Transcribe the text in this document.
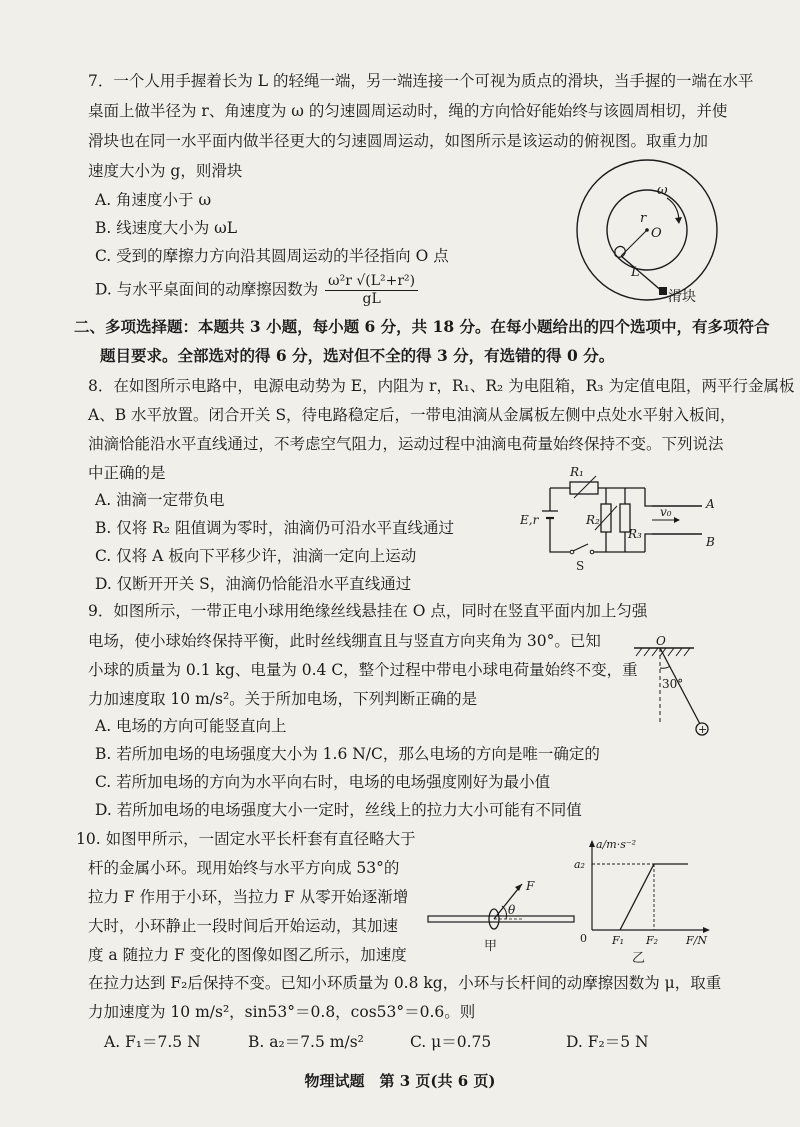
7．一个人用手握着长为 L 的轻绳一端，另一端连接一个可视为质点的滑块，当手握的一端在水平
桌面上做半径为 r、角速度为 ω 的匀速圆周运动时，绳的方向恰好能始终与该圆周相切，并使
滑块也在同一水平面内做半径更大的匀速圆周运动，如图所示是该运动的俯视图。取重力加
速度大小为 g，则滑块
A. 角速度小于 ω
B. 线速度大小为 ωL
C. 受到的摩擦力方向沿其圆周运动的半径指向 O 点
D. 与水平桌面间的动摩擦因数为 $\frac{\text{ω²r √(L²+r²)}}{gL}$
ω
r
O
L
滑块
二、多项选择题：本题共 3 小题，每小题 6 分，共 18 分。在每小题给出的四个选项中，有多项符合
题目要求。全部选对的得 6 分，选对但不全的得 3 分，有选错的得 0 分。
8．在如图所示电路中，电源电动势为 E，内阻为 r，R₁、R₂ 为电阻箱，R₃ 为定值电阻，两平行金属板
A、B 水平放置。闭合开关 S，待电路稳定后，一带电油滴从金属板左侧中点处水平射入板间，
油滴恰能沿水平直线通过，不考虑空气阻力，运动过程中油滴电荷量始终保持不变。下列说法
中正确的是
A. 油滴一定带负电
B. 仅将 R₂ 阻值调为零时，油滴仍可沿水平直线通过
C. 仅将 A 板向下平移少许，油滴一定向上运动
D. 仅断开开关 S，油滴仍恰能沿水平直线通过
R₁
R₂
R₃
E,r
v₀
A
B
S
9．如图所示，一带正电小球用绝缘丝线悬挂在 O 点，同时在竖直平面内加上匀强
电场，使小球始终保持平衡，此时丝线绷直且与竖直方向夹角为 30°。已知
小球的质量为 0.1 kg、电量为 0.4 C，整个过程中带电小球电荷量始终不变，重
力加速度取 10 m/s²。关于所加电场，下列判断正确的是
A. 电场的方向可能竖直向上
B. 若所加电场的电场强度大小为 1.6 N/C，那么电场的方向是唯一确定的
C. 若所加电场的方向为水平向右时，电场的电场强度刚好为最小值
D. 若所加电场的电场强度大小一定时，丝线上的拉力大小可能有不同值
O
30°
+
10. 如图甲所示，一固定水平长杆套有直径略大于
杆的金属小环。现用始终与水平方向成 53°的
拉力 F 作用于小环，当拉力 F 从零开始逐渐增
大时，小环静止一段时间后开始运动，其加速
度 a 随拉力 F 变化的图像如图乙所示，加速度
在拉力达到 F₂后保持不变。已知小环质量为 0.8 kg，小环与长杆间的动摩擦因数为 μ，取重
力加速度为 10 m/s²，sin53°＝0.8，cos53°＝0.6。则
A. F₁＝7.5 N	B. a₂＝7.5 m/s²	C. μ＝0.75	D. F₂＝5 N
F
θ
甲
a/m·s⁻²
a₂
0 F₁ F₂	F/N
乙
物理试题　第 3 页(共 6 页)
